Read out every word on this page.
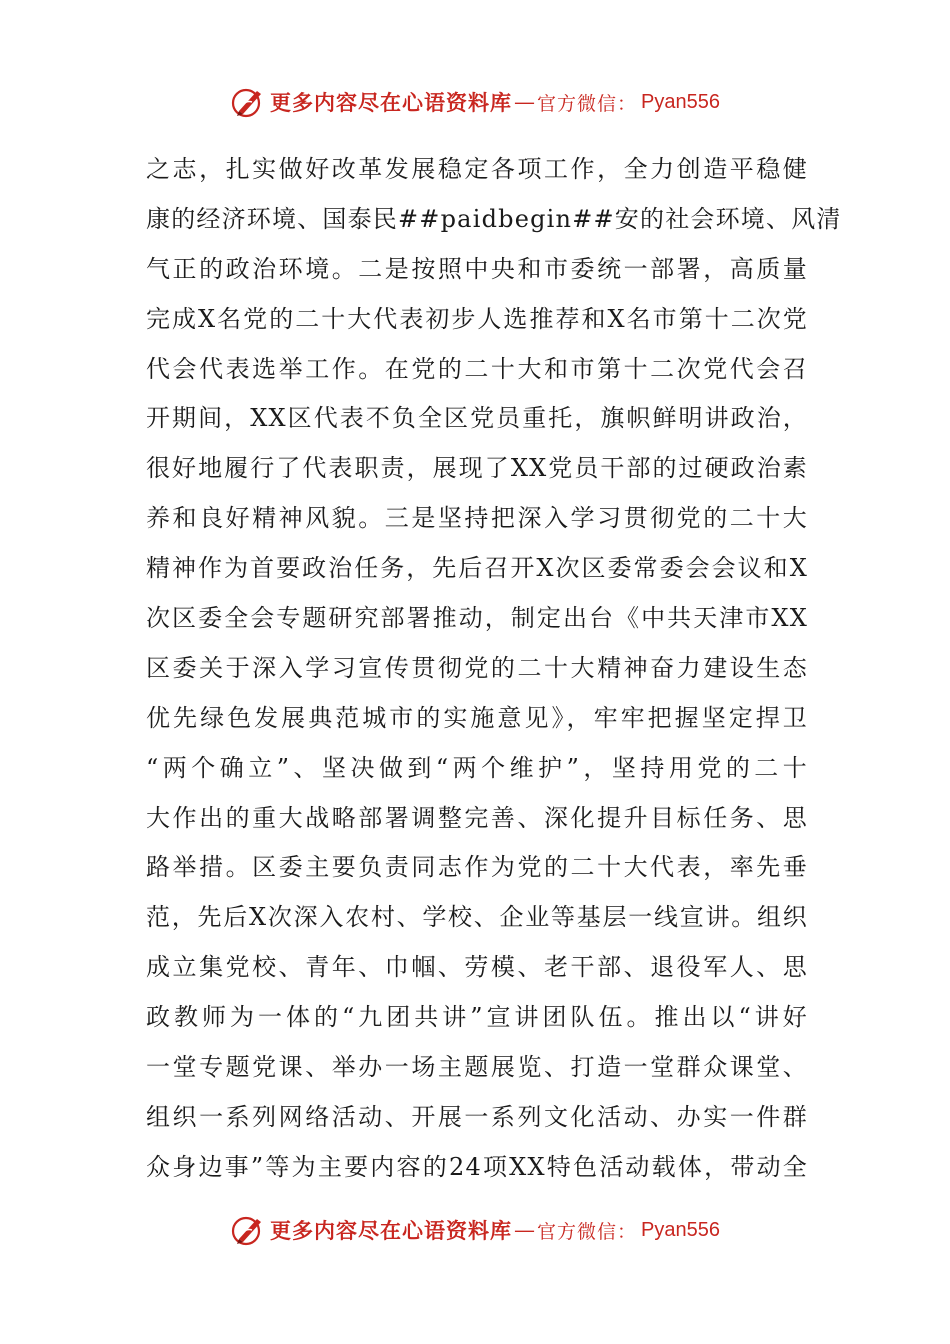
更多内容尽在心语资料库 — 官方微信： Pyan556
之志，扎实做好改革发展稳定各项工作，全力创造平稳健
康的经济环境、国泰民##paidbegin##安的社会环境、风清
气正的政治环境。二是按照中央和市委统一部署，高质量
完成X名党的二十大代表初步人选推荐和X名市第十二次党
代会代表选举工作。在党的二十大和市第十二次党代会召
开期间，XX区代表不负全区党员重托，旗帜鲜明讲政治，
很好地履行了代表职责，展现了XX党员干部的过硬政治素
养和良好精神风貌。三是坚持把深入学习贯彻党的二十大
精神作为首要政治任务，先后召开X次区委常委会会议和X
次区委全会专题研究部署推动，制定出台《中共天津市XX
区委关于深入学习宣传贯彻党的二十大精神奋力建设生态
优先绿色发展典范城市的实施意见》，牢牢把握坚定捍卫
“两个确立”、坚决做到“两个维护”，坚持用党的二十
大作出的重大战略部署调整完善、深化提升目标任务、思
路举措。区委主要负责同志作为党的二十大代表，率先垂
范，先后X次深入农村、学校、企业等基层一线宣讲。组织
成立集党校、青年、巾帼、劳模、老干部、退役军人、思
政教师为一体的“九团共讲”宣讲团队伍。推出以“讲好
一堂专题党课、举办一场主题展览、打造一堂群众课堂、
组织一系列网络活动、开展一系列文化活动、办实一件群
众身边事”等为主要内容的24项XX特色活动载体，带动全
更多内容尽在心语资料库 — 官方微信： Pyan556
